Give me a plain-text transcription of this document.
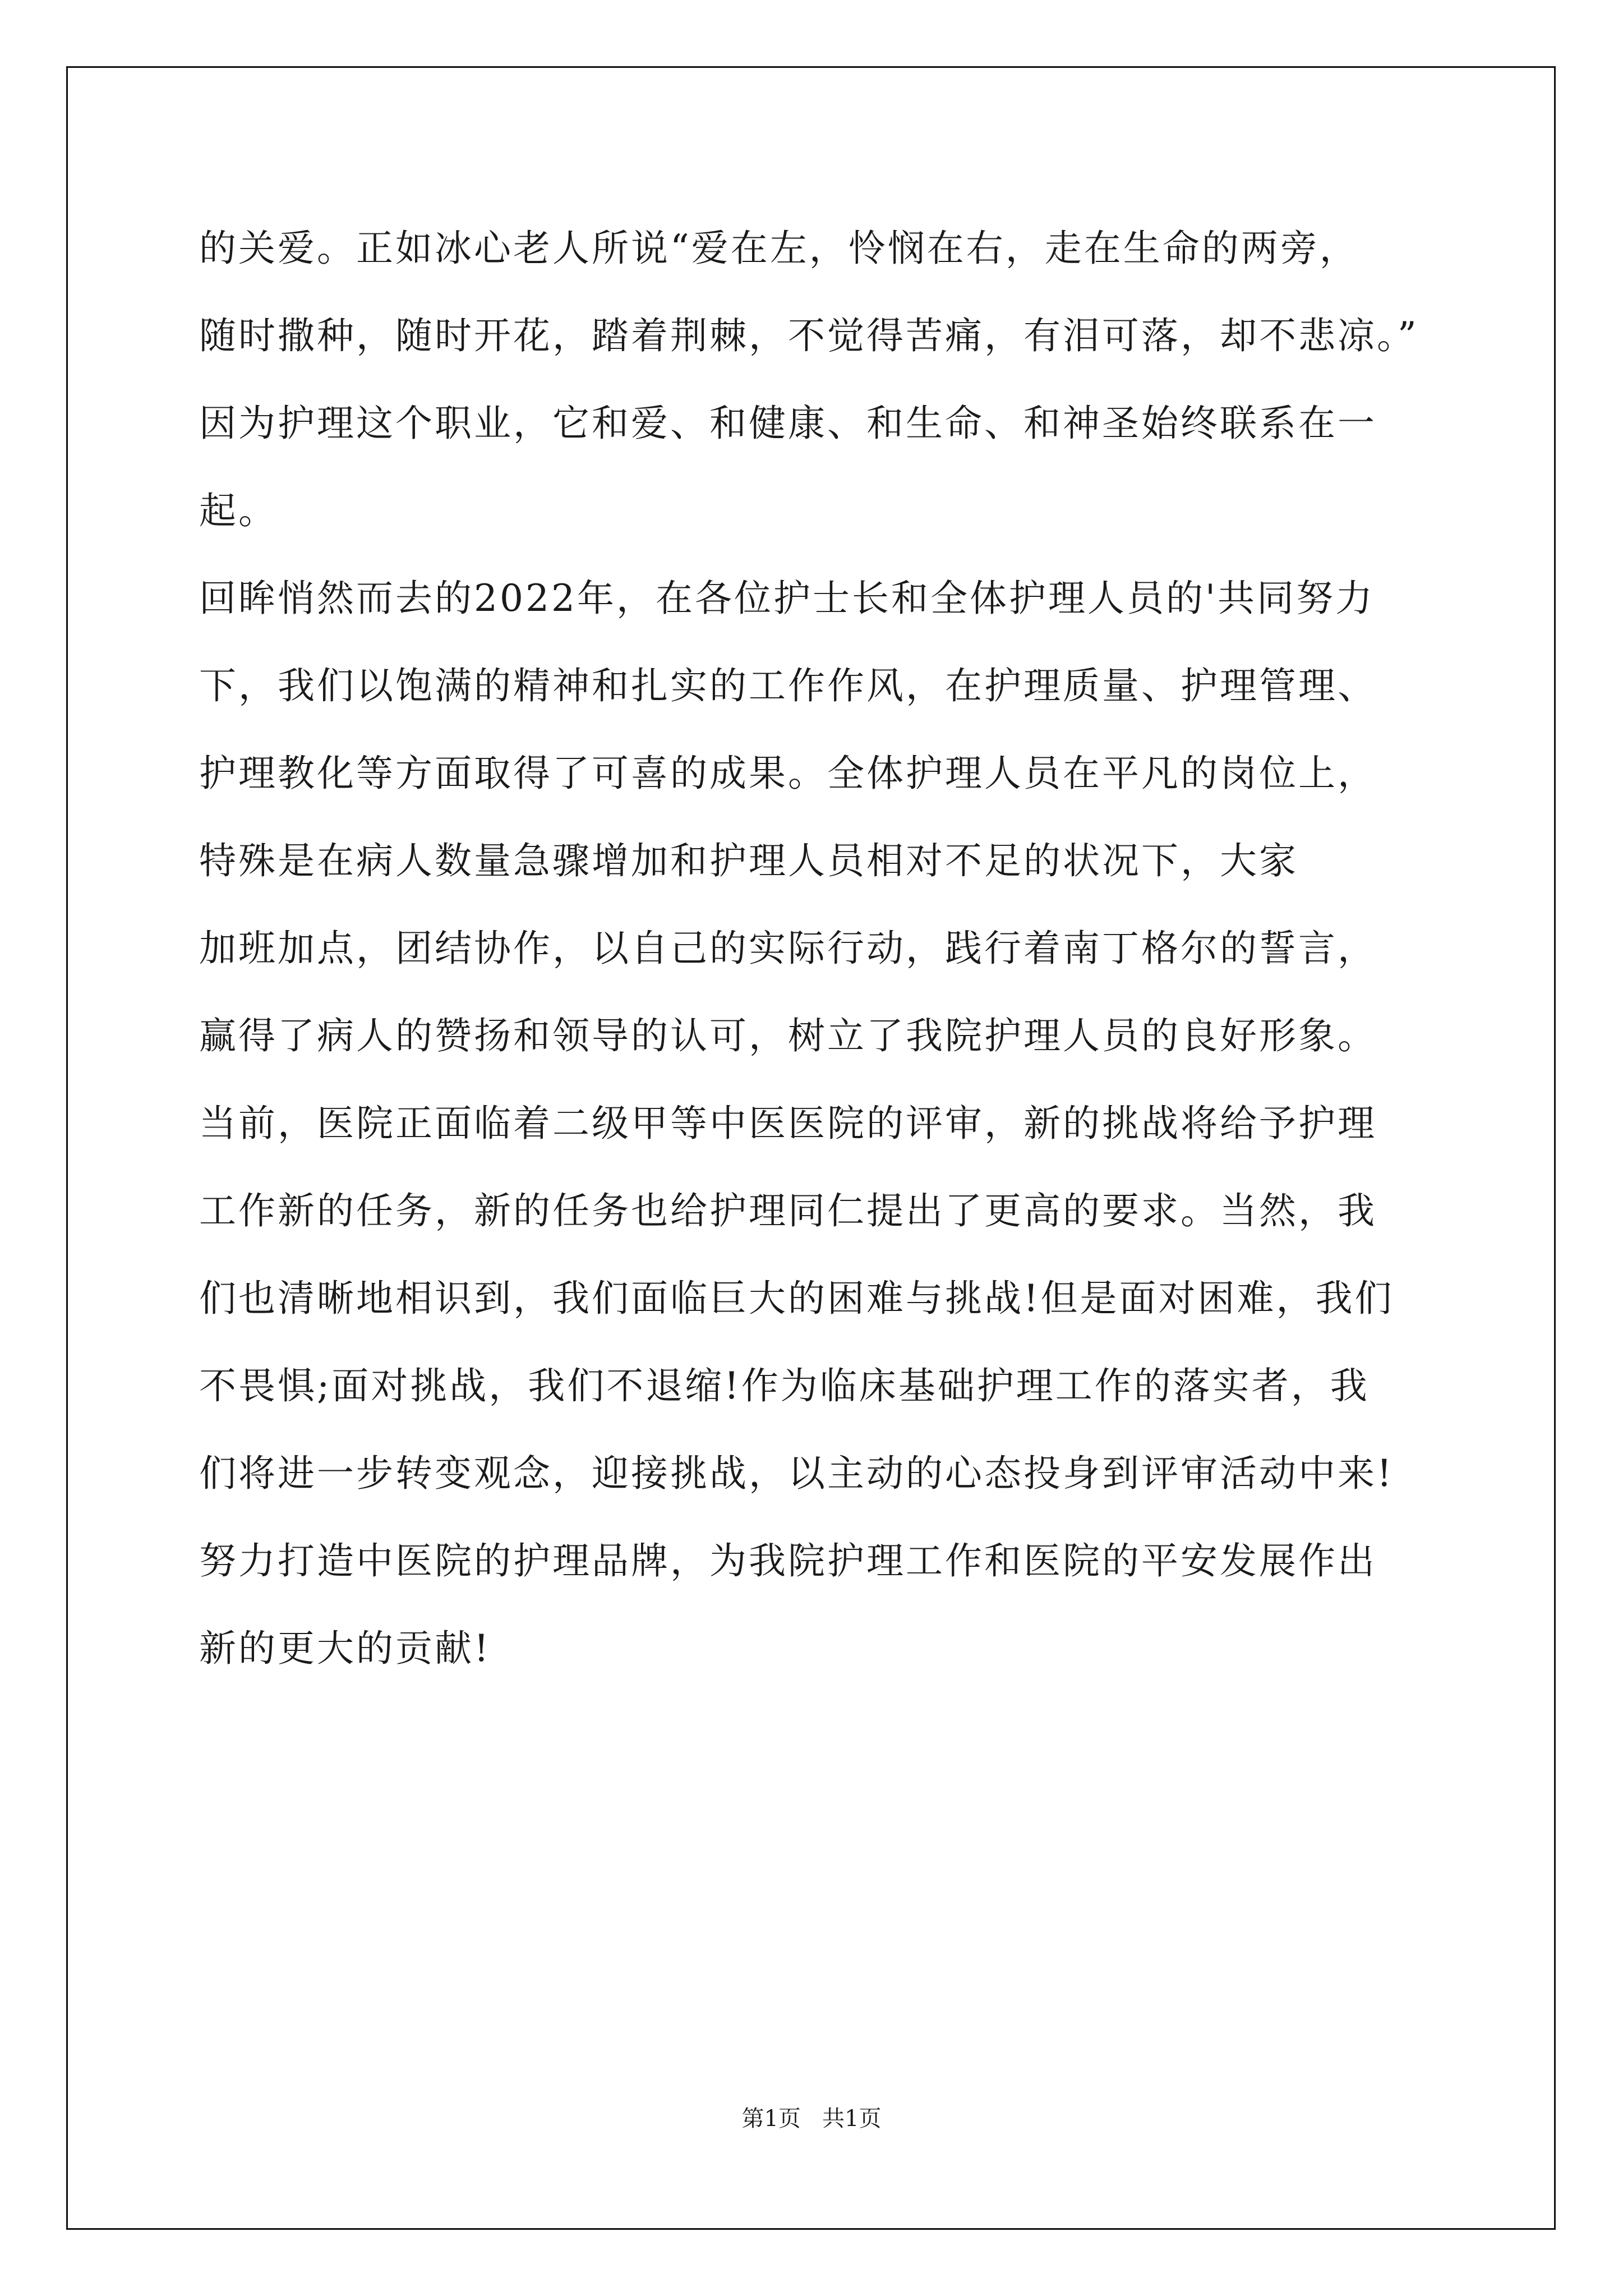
的关爱。正如冰心老人所说“爱在左，怜悯在右，走在生命的两旁，
随时撒种，随时开花，踏着荆棘，不觉得苦痛，有泪可落，却不悲凉。”
因为护理这个职业，它和爱、和健康、和生命、和神圣始终联系在一
起。
回眸悄然而去的2022年，在各位护士长和全体护理人员的'共同努力
下，我们以饱满的精神和扎实的工作作风，在护理质量、护理管理、
护理教化等方面取得了可喜的成果。全体护理人员在平凡的岗位上，
特殊是在病人数量急骤增加和护理人员相对不足的状况下，大家
加班加点，团结协作，以自己的实际行动，践行着南丁格尔的誓言，
赢得了病人的赞扬和领导的认可，树立了我院护理人员的良好形象。
当前，医院正面临着二级甲等中医医院的评审，新的挑战将给予护理
工作新的任务，新的任务也给护理同仁提出了更高的要求。当然，我
们也清晰地相识到，我们面临巨大的困难与挑战!但是面对困难，我们
不畏惧;面对挑战，我们不退缩!作为临床基础护理工作的落实者，我
们将进一步转变观念，迎接挑战，以主动的心态投身到评审活动中来!
努力打造中医院的护理品牌，为我院护理工作和医院的平安发展作出
新的更大的贡献!
第1页   共1页
